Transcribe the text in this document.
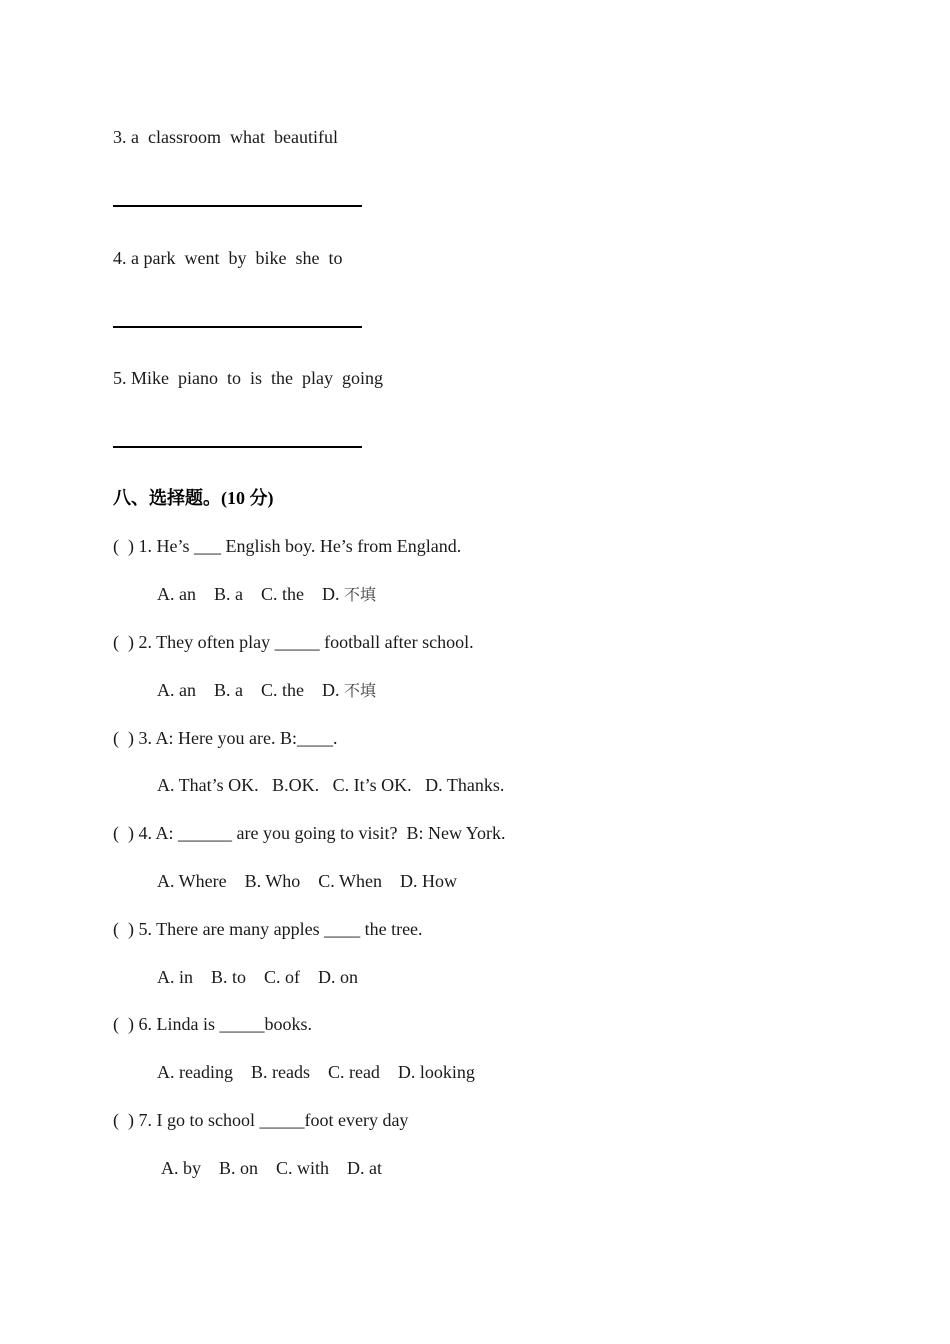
3. a  classroom  what  beautiful
4. a park  went  by  bike  she  to
5. Mike  piano  to  is  the  play  going
八、选择题。(10 分)
(  ) 1. He’s ___ English boy. He’s from England.
A. an    B. a    C. the    D. 不填
(  ) 2. They often play _____ football after school.
A. an    B. a    C. the    D. 不填
(  ) 3. A: Here you are. B:____.
A. That’s OK.   B.OK.   C. It’s OK.   D. Thanks.
(  ) 4. A: ______ are you going to visit?  B: New York.
A. Where    B. Who    C. When    D. How
(  ) 5. There are many apples ____ the tree.
A. in    B. to    C. of    D. on
(  ) 6. Linda is _____books.
A. reading    B. reads    C. read    D. looking
(  ) 7. I go to school _____foot every day
A. by    B. on    C. with    D. at
